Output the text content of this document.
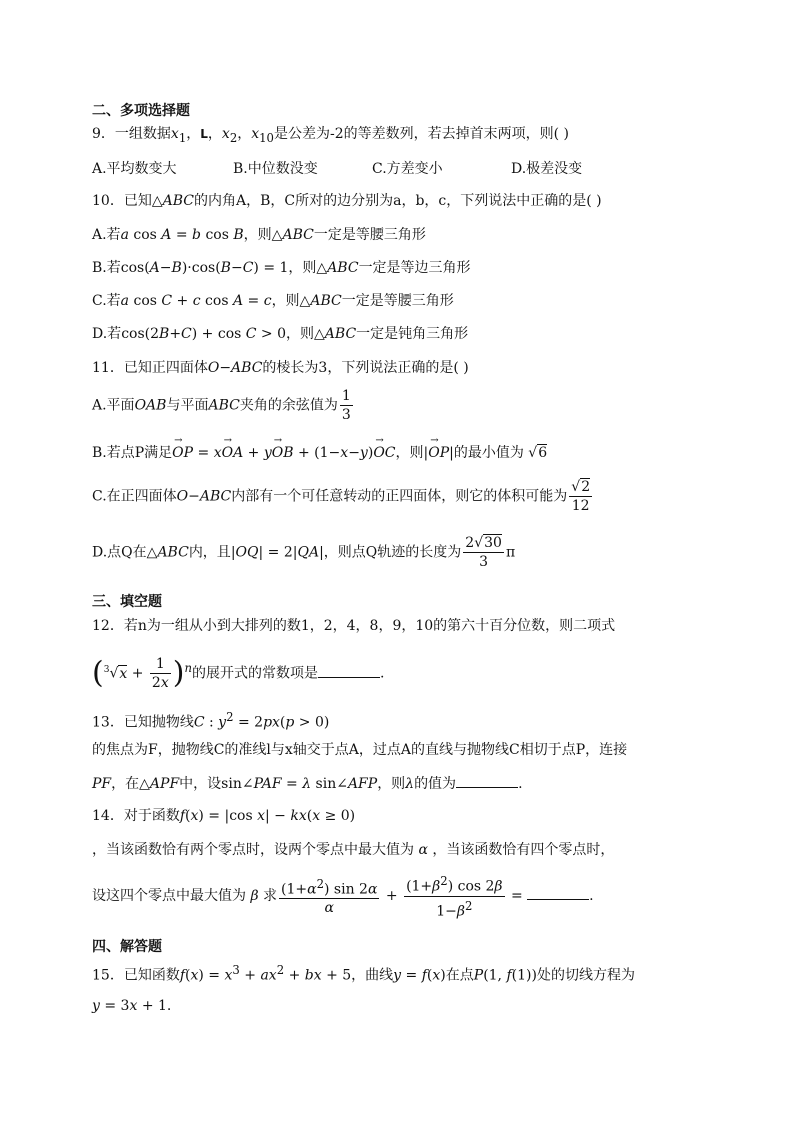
二、多项选择题
9．一组数据$x_1$，L，$x_2$，$x_{10}$是公差为-2的等差数列，若去掉首末两项，则( )
A.平均数变大	B.中位数没变	C.方差变小	D.极差没变
10．已知△ABC的内角A，B，C所对的边分别为a，b，c，下列说法中正确的是( )
A.若a cos A = b cos B，则△ABC一定是等腰三角形
B.若cos(A−B)·cos(B−C) = 1，则△ABC一定是等边三角形
C.若a cos C + c cos A = c，则△ABC一定是等腰三角形
D.若cos(2B+C) + cos C > 0，则△ABC一定是钝角三角形
11．已知正四面体O−ABC的棱长为3，下列说法正确的是( )
A.平面OAB与平面ABC夹角的余弦值为 $\frac{1}{3}$
B.若点P满足→ OP = x→ OA + y→ OB + (1−x−y)→ OC，则|→ OP|的最小值为 √6
C.在正四面体O−ABC内部有一个可任意转动的正四面体，则它的体积可能为 $\frac{√2}{12}$
D.点Q在△ABC内，且|OQ| = 2|QA|，则点Q轨迹的长度为 $\frac{2√30}{3}$ π
三、填空题
12．若n为一组从小到大排列的数1，2，4，8，9，10的第六十百分位数，则二项式
$(^3√x + \frac{1}{2x} )^n$的展开式的常数项是	.
13．已知抛物线C : $y^2 = 2px(p > 0)$
的焦点为F，抛物线C的准线l与x轴交于点A，过点A的直线与抛物线C相切于点P，连接
PF，在△APF中，设sin∠PAF = λ sin∠AFP，则λ的值为	.
14．对于函数f(x) = |cos x| − kx(x ≥ 0)
，当该函数恰有两个零点时，设两个零点中最大值为 α ，当该函数恰有四个零点时，
设这四个零点中最大值为 β 求 $\frac{(1+\alpha^2) \sin 2\alpha}{\alpha} + \frac{(1+\beta^2) \cos 2\beta}{1-\beta^2}$ =	.
四、解答题
15．已知函数$f(x) = x^3 + ax^2$ + bx + 5，曲线y = f(x)在点P(1, f(1))处的切线方程为
y = 3x + 1.
